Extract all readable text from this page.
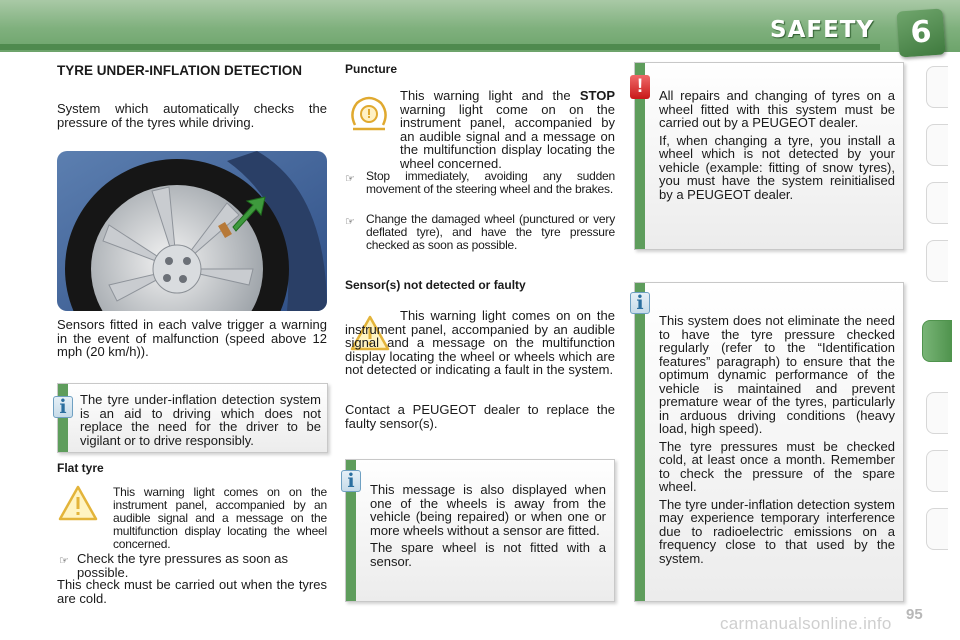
SAFETY	6
TYRE UNDER-INFLATION DETECTION
System which automatically checks the pressure of the tyres while driving.
Sensors fitted in each valve trigger a warning in the event of malfunction (speed above 12 mph (20 km/h)).
The tyre under-inflation detection system is an aid to driving which does not replace the need for the driver to be vigilant or to drive responsibly.
i
Flat tyre
This warning light comes on on the instrument panel, accompanied by an audible signal and a message on the multifunction display locating the wheel concerned.
☞ Check the tyre pressures as soon as possible.
This check must be carried out when the tyres are cold.
Puncture
This warning light and the STOP warning light come on on the instrument panel, accompanied by an audible signal and a message on the multifunction display locating the wheel concerned.
☞ Stop immediately, avoiding any sudden movement of the steering wheel and the brakes.
☞ Change the damaged wheel (punctured or very deflated tyre), and have the tyre pressure checked as soon as possible.
Sensor(s) not detected or faulty
This warning light comes on on the instrument panel, accompanied by an audible signal and a message on the multifunction display locating the wheel or wheels which are not detected or indicating a fault in the system.
Contact a PEUGEOT dealer to replace the faulty sensor(s).

This message is also displayed when one of the wheels is away from the vehicle (being repaired) or when one or more wheels without a sensor are fitted.

The spare wheel is not fitted with a sensor.

i

All repairs and changing of tyres on a wheel fitted with this system must be carried out by a PEUGEOT dealer.

If, when changing a tyre, you install a wheel which is not detected by your vehicle (example: fitting of snow tyres), you must have the system reinitialised by a PEUGEOT dealer.

!

This system does not eliminate the need to have the tyre pressure checked regularly (refer to the “Identification features” paragraph) to ensure that the optimum dynamic performance of the vehicle is maintained and prevent premature wear of the tyres, particularly in arduous driving conditions (heavy load, high speed).

The tyre pressures must be checked cold, at least once a month. Remember to check the pressure of the spare wheel.

The tyre under-inflation detection system may experience temporary interference due to radioelectric emissions on a frequency close to that used by the system.

i
95
carmanualsonline.info
